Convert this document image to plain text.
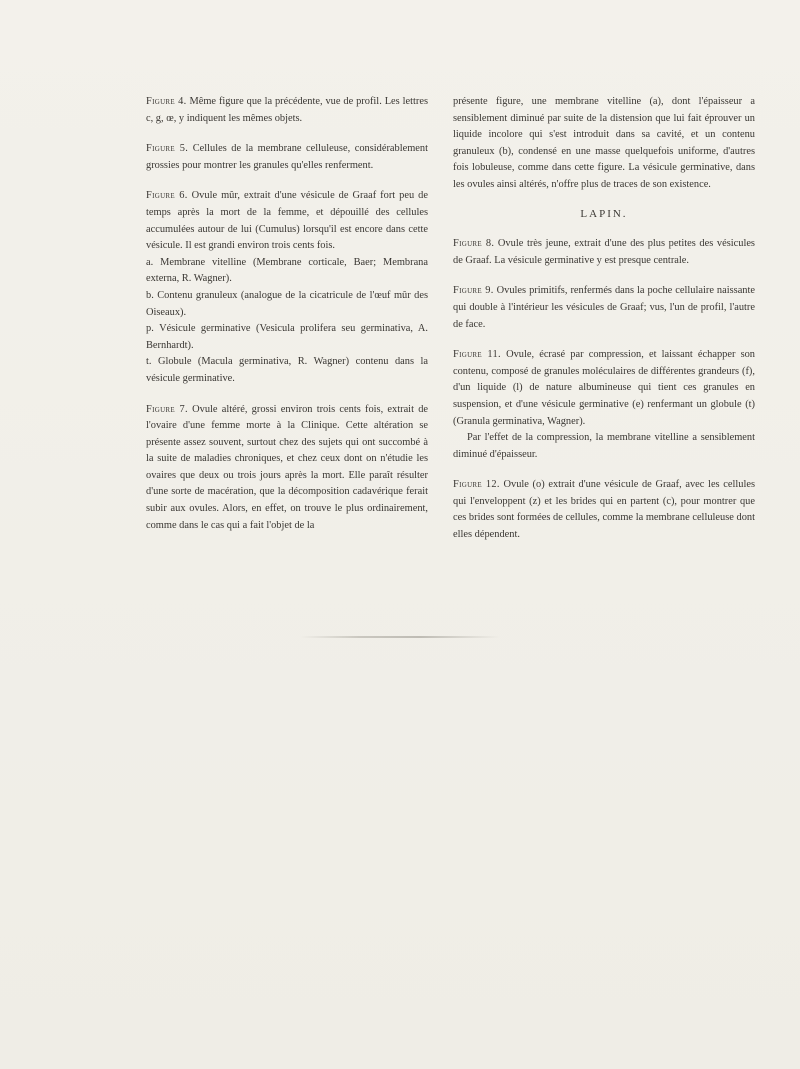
Figure 4. Même figure que la précédente, vue de profil. Les lettres c, g, œ, y indiquent les mêmes objets.

Figure 5. Cellules de la membrane celluleuse, considérablement grossies pour montrer les granules qu'elles renferment.

Figure 6. Ovule mûr, extrait d'une vésicule de Graaf fort peu de temps après la mort de la femme, et dépouillé des cellules accumulées autour de lui (Cumulus) lorsqu'il est encore dans cette vésicule. Il est grandi environ trois cents fois.

a. Membrane vitelline (Membrane corticale, Baer; Membrana externa, R. Wagner).

b. Contenu granuleux (analogue de la cicatricule de l'œuf mûr des Oiseaux).

p. Vésicule germinative (Vesicula prolifera seu germinativa, A. Bernhardt).

t. Globule (Macula germinativa, R. Wagner) contenu dans la vésicule germinative.

Figure 7. Ovule altéré, grossi environ trois cents fois, extrait de l'ovaire d'une femme morte à la Clinique. Cette altération se présente assez souvent, surtout chez des sujets qui ont succombé à la suite de maladies chroniques, et chez ceux dont on n'étudie les ovaires que deux ou trois jours après la mort. Elle paraît résulter d'une sorte de macération, que la décomposition cadavérique ferait subir aux ovules. Alors, en effet, on trouve le plus ordinairement, comme dans le cas qui a fait l'objet de la

présente figure, une membrane vitelline (a), dont l'épaisseur a sensiblement diminué par suite de la distension que lui fait éprouver un liquide incolore qui s'est introduit dans sa cavité, et un contenu granuleux (b), condensé en une masse quelquefois uniforme, d'autres fois lobuleuse, comme dans cette figure. La vésicule germinative, dans les ovules ainsi altérés, n'offre plus de traces de son existence.

LAPIN.

Figure 8. Ovule très jeune, extrait d'une des plus petites des vésicules de Graaf. La vésicule germinative y est presque centrale.

Figure 9. Ovules primitifs, renfermés dans la poche cellulaire naissante qui double à l'intérieur les vésicules de Graaf; vus, l'un de profil, l'autre de face.

Figure 11. Ovule, écrasé par compression, et laissant échapper son contenu, composé de granules moléculaires de différentes grandeurs (f), d'un liquide (l) de nature albumineuse qui tient ces granules en suspension, et d'une vésicule germinative (e) renfermant un globule (t) (Granula germinativa, Wagner).

Par l'effet de la compression, la membrane vitelline a sensiblement diminué d'épaisseur.

Figure 12. Ovule (o) extrait d'une vésicule de Graaf, avec les cellules qui l'enveloppent (z) et les brides qui en partent (c), pour montrer que ces brides sont formées de cellules, comme la membrane celluleuse dont elles dépendent.
